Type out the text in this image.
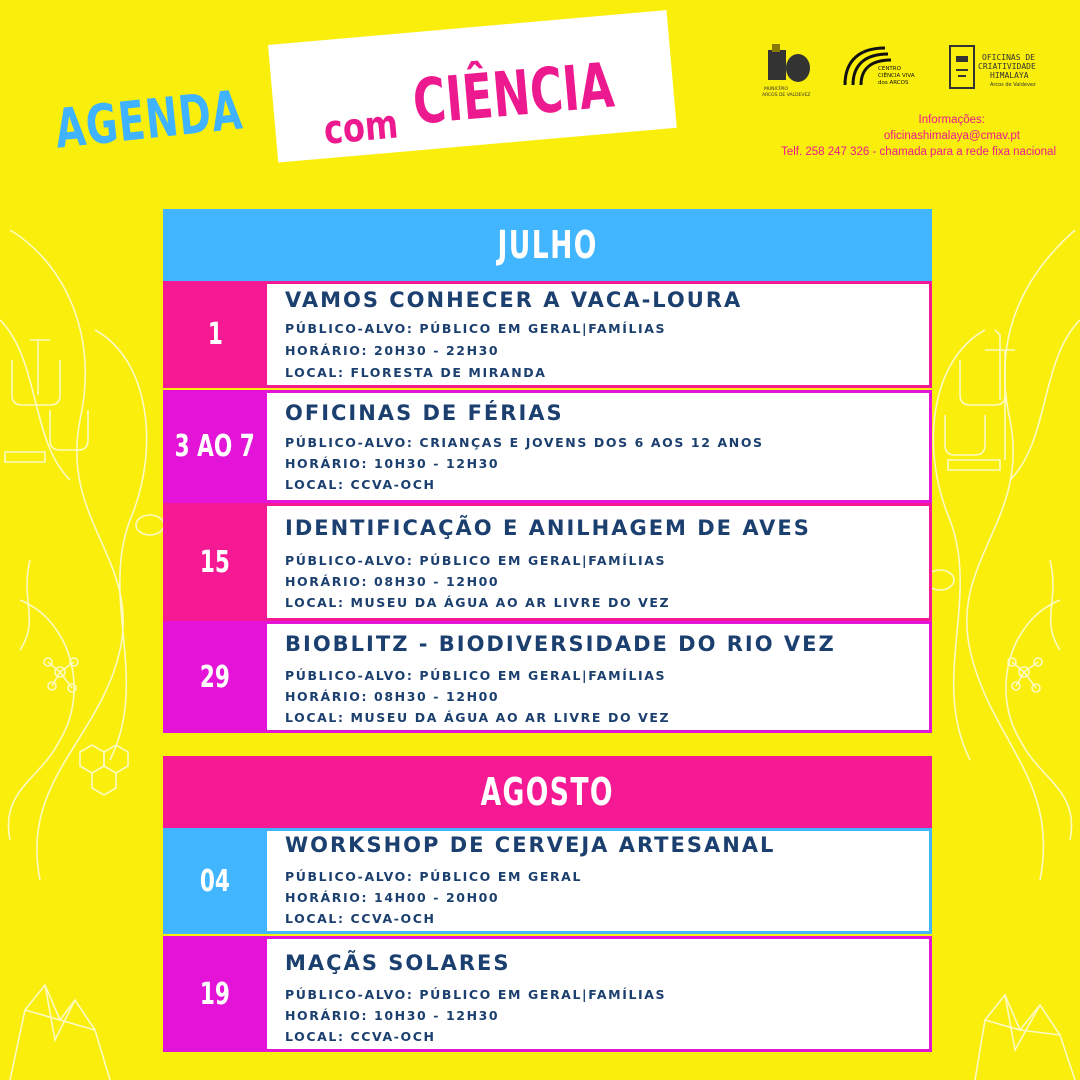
AGENDA com CIÊNCIA	MUNICÍPIO
ARCOS DE VALDEVEZ
CENTRO
CIÊNCIA VIVA
dos ARCOS
OFICINAS DE
CRIATIVIDADE
HIMALAYA
Arcos de Valdevez
Informações:
oficinashimalaya@cmav.pt
Telf. 258 247 326 - chamada para a rede fixa nacional
JULHO
1
VAMOS CONHECER A VACA-LOURA
PÚBLICO-ALVO: PÚBLICO EM GERAL|FAMÍLIAS
HORÁRIO: 20H30 - 22H30
LOCAL: FLORESTA DE MIRANDA
3 AO 7
OFICINAS DE FÉRIAS
PÚBLICO-ALVO: CRIANÇAS E JOVENS DOS 6 AOS 12 ANOS
HORÁRIO: 10H30 - 12H30
LOCAL: CCVA-OCH
15
IDENTIFICAÇÃO E ANILHAGEM DE AVES
PÚBLICO-ALVO: PÚBLICO EM GERAL|FAMÍLIAS
HORÁRIO: 08H30 - 12H00
LOCAL: MUSEU DA ÁGUA AO AR LIVRE DO VEZ
29
BIOBLITZ - BIODIVERSIDADE DO RIO VEZ
PÚBLICO-ALVO: PÚBLICO EM GERAL|FAMÍLIAS
HORÁRIO: 08H30 - 12H00
LOCAL: MUSEU DA ÁGUA AO AR LIVRE DO VEZ
AGOSTO
04
WORKSHOP DE CERVEJA ARTESANAL
PÚBLICO-ALVO: PÚBLICO EM GERAL
HORÁRIO: 14H00 - 20H00
LOCAL: CCVA-OCH
19
MAÇÃS SOLARES
PÚBLICO-ALVO: PÚBLICO EM GERAL|FAMÍLIAS
HORÁRIO: 10H30 - 12H30
LOCAL: CCVA-OCH
